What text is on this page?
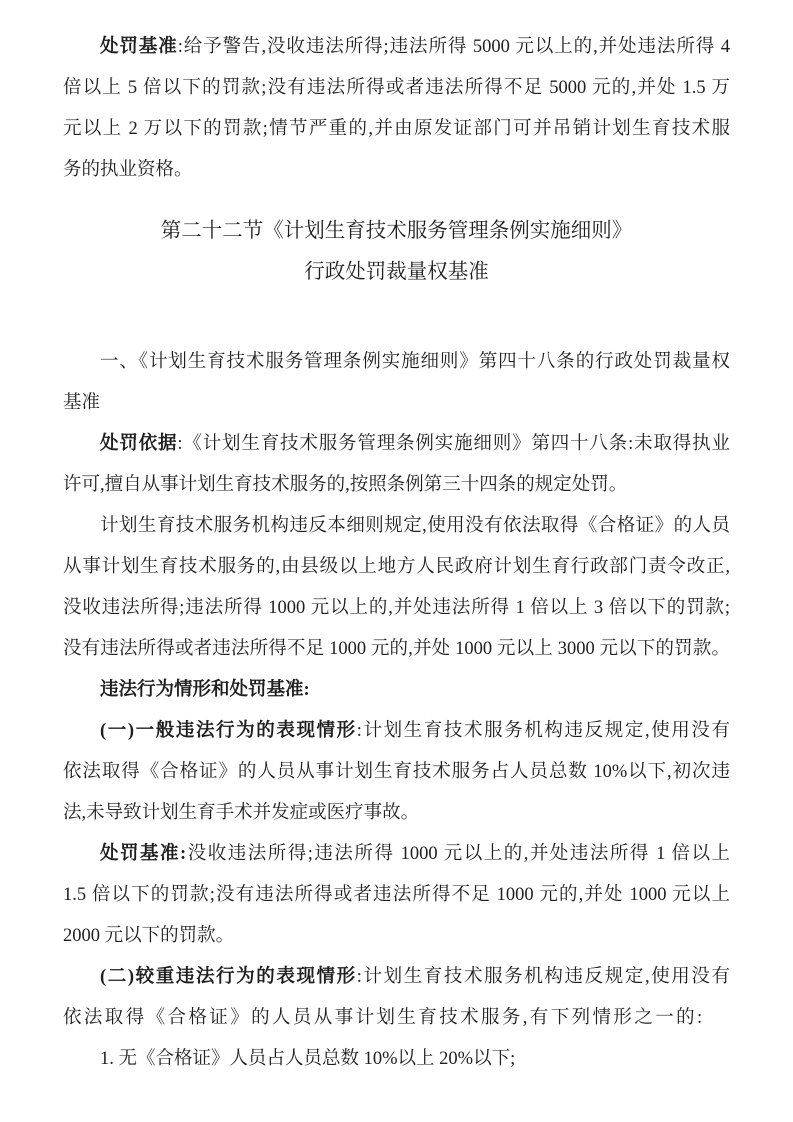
处罚基准:给予警告,没收违法所得;违法所得 5000 元以上的,并处违法所得 4
倍以上 5 倍以下的罚款;没有违法所得或者违法所得不足 5000 元的,并处 1.5 万
元以上 2 万以下的罚款;情节严重的,并由原发证部门可并吊销计划生育技术服
务的执业资格。
第二十二节《计划生育技术服务管理条例实施细则》
行政处罚裁量权基准
一、《计划生育技术服务管理条例实施细则》第四十八条的行政处罚裁量权
基准
处罚依据:《计划生育技术服务管理条例实施细则》第四十八条:未取得执业
许可,擅自从事计划生育技术服务的,按照条例第三十四条的规定处罚。
计划生育技术服务机构违反本细则规定,使用没有依法取得《合格证》的人员
从事计划生育技术服务的,由县级以上地方人民政府计划生育行政部门责令改正,
没收违法所得;违法所得 1000 元以上的,并处违法所得 1 倍以上 3 倍以下的罚款;
没有违法所得或者违法所得不足 1000 元的,并处 1000 元以上 3000 元以下的罚款。
违法行为情形和处罚基准:
(一)一般违法行为的表现情形:计划生育技术服务机构违反规定,使用没有
依法取得《合格证》的人员从事计划生育技术服务占人员总数 10%以下,初次违
法,未导致计划生育手术并发症或医疗事故。
处罚基准:没收违法所得;违法所得 1000 元以上的,并处违法所得 1 倍以上
1.5 倍以下的罚款;没有违法所得或者违法所得不足 1000 元的,并处 1000 元以上
2000 元以下的罚款。
(二)较重违法行为的表现情形:计划生育技术服务机构违反规定,使用没有
依法取得《合格证》的人员从事计划生育技术服务,有下列情形之一的:
1. 无《合格证》人员占人员总数 10%以上 20%以下;
